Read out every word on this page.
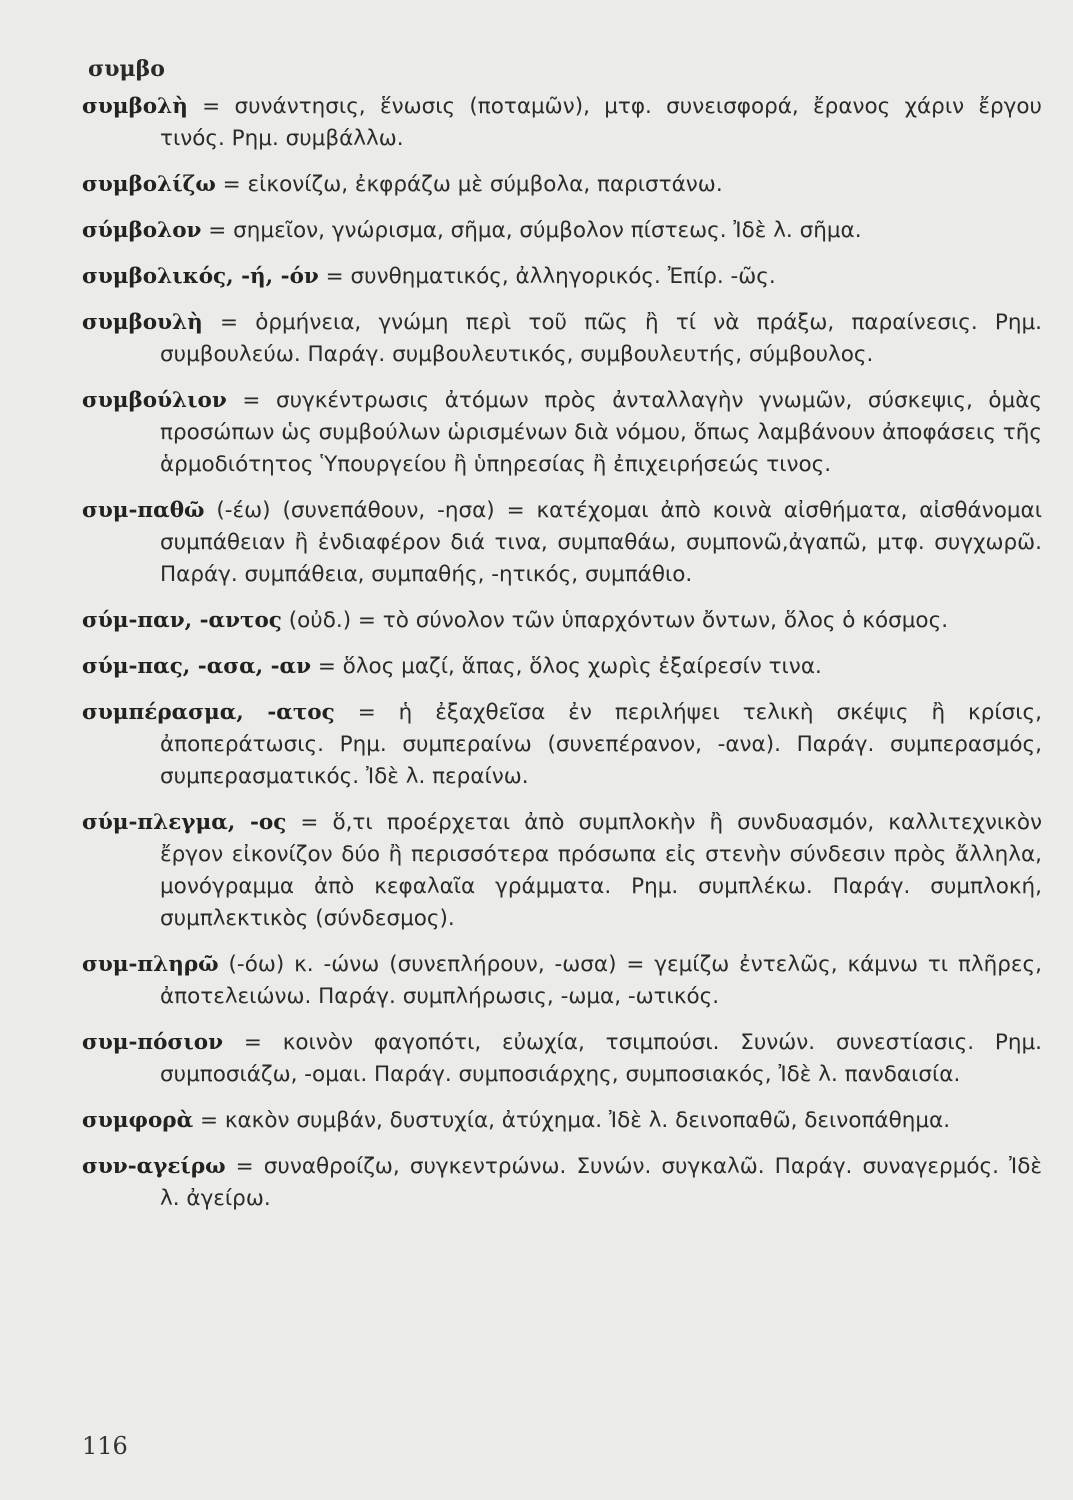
συμβο

συμβολὴ = συνάντησις, ἕνωσις (ποταμῶν), μτφ. συνεισφορά, ἔρανος χάριν ἔργου τινός. Ρημ. συμβάλλω.

συμβολίζω = εἰκονίζω, ἐκφράζω μὲ σύμβολα, παριστάνω.

σύμβολον = σημεῖον, γνώρισμα, σῆμα, σύμβολον πίστεως. Ἰδὲ λ. σῆμα.

συμβολικός, -ή, -όν = συνθηματικός, ἀλληγορικός. Ἐπίρ. -ῶς.

συμβουλὴ = ὁρμήνεια, γνώμη περὶ τοῦ πῶς ἢ τί νὰ πράξω, παραίνεσις. Ρημ. συμβουλεύω. Παράγ. συμβουλευτικός, συμβουλευτής, σύμβουλος.

συμβούλιον = συγκέντρωσις ἀτόμων πρὸς ἀνταλλαγὴν γνωμῶν, σύσκεψις, ὁμὰς προσώπων ὡς συμβούλων ὡρισμένων διὰ νόμου, ὅπως λαμβάνουν ἀποφάσεις τῆς ἁρμοδιότητος Ὑπουργείου ἢ ὑπηρεσίας ἢ ἐπιχειρήσεώς τινος.

συμ-παθῶ (-έω) (συνεπάθουν, -ησα) = κατέχομαι ἀπὸ κοινὰ αἰσθήματα, αἰσθάνομαι συμπάθειαν ἢ ἐνδιαφέρον διά τινα, συμπαθάω, συμπονῶ,ἀγαπῶ, μτφ. συγχωρῶ. Παράγ. συμπάθεια, συμπαθής, -ητικός, συμπάθιο.

σύμ-παν, -αντος (οὐδ.) = τὸ σύνολον τῶν ὑπαρχόντων ὄντων, ὅλος ὁ κόσμος.

σύμ-πας, -ασα, -αν = ὅλος μαζί, ἅπας, ὅλος χωρὶς ἐξαίρεσίν τινα.

συμπέρασμα, -ατος = ἡ ἐξαχθεῖσα ἐν περιλήψει τελικὴ σκέψις ἢ κρίσις, ἀποπεράτωσις. Ρημ. συμπεραίνω (συνεπέρανον, -ανα). Παράγ. συμπερασμός, συμπερασματικός. Ἰδὲ λ. περαίνω.

σύμ-πλεγμα, -ος = ὅ,τι προέρχεται ἀπὸ συμπλοκὴν ἢ συνδυασμόν, καλλιτεχνικὸν ἔργον εἰκονίζον δύο ἢ περισσότερα πρόσωπα εἰς στενὴν σύνδεσιν πρὸς ἄλληλα, μονόγραμμα ἀπὸ κεφαλαῖα γράμματα. Ρημ. συμπλέκω. Παράγ. συμπλοκή, συμπλεκτικὸς (σύνδεσμος).

συμ-πληρῶ (-όω) κ. -ώνω (συνεπλήρουν, -ωσα) = γεμίζω ἐντελῶς, κάμνω τι πλῆρες, ἀποτελειώνω. Παράγ. συμπλήρωσις, -ωμα, -ωτικός.

συμ-πόσιον = κοινὸν φαγοπότι, εὐωχία, τσιμπούσι. Συνών. συνεστίασις. Ρημ. συμποσιάζω, -ομαι. Παράγ. συμποσιάρχης, συμποσιακός, Ἰδὲ λ. πανδαισία.

συμφορὰ = κακὸν συμβάν, δυστυχία, ἀτύχημα. Ἰδὲ λ. δεινοπαθῶ, δεινοπάθημα.

συν-αγείρω = συναθροίζω, συγκεντρώνω. Συνών. συγκαλῶ. Παράγ. συναγερμός. Ἰδὲ λ. ἀγείρω.

116
